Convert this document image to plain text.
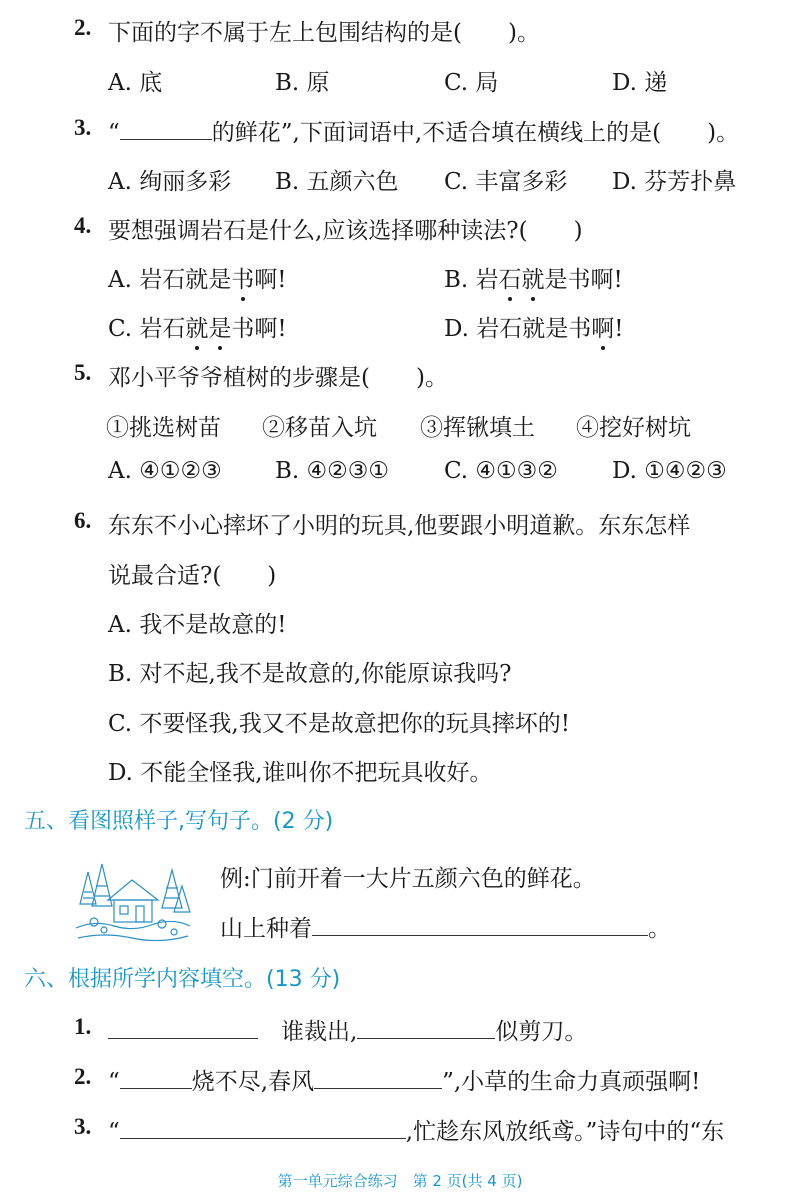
2. 下面的字不属于左上包围结构的是(　　)。
A. 底	B. 原	C. 局	D. 递
3. “	的鲜花”,下面词语中,不适合填在横线上的是(　　)。
A. 绚丽多彩 B. 五颜六色 C. 丰富多彩 D. 芬芳扑鼻
4. 要想强调岩石是什么,应该选择哪种读法?(　　)
A. 岩石就是书啊!	B. 岩石就是书啊!
C. 岩石就是书啊!	D. 岩石就是书啊!
5. 邓小平爷爷植树的步骤是(　　)。
①挑选树苗 ②移苗入坑 ③挥锹填土 ④挖好树坑
A. ④①②③ B. ④②③① C. ④①③② D. ①④②③
6. 东东不小心摔坏了小明的玩具,他要跟小明道歉。东东怎样
说最合适?(　　)
A. 我不是故意的!
B. 对不起,我不是故意的,你能原谅我吗?
C. 不要怪我,我又不是故意把你的玩具摔坏的!
D. 不能全怪我,谁叫你不把玩具收好。
五、看图照样子,写句子。(2 分)
例:门前开着一大片五颜六色的鲜花。
山上种着	。
六、根据所学内容填空。(13 分)
1.
　	谁裁出,	似剪刀。
2. “	烧不尽,春风	”,小草的生命力真顽强啊!
3. “	,忙趁东风放纸鸢。”诗句中的“东
第一单元综合练习　第 2 页(共 4 页)
